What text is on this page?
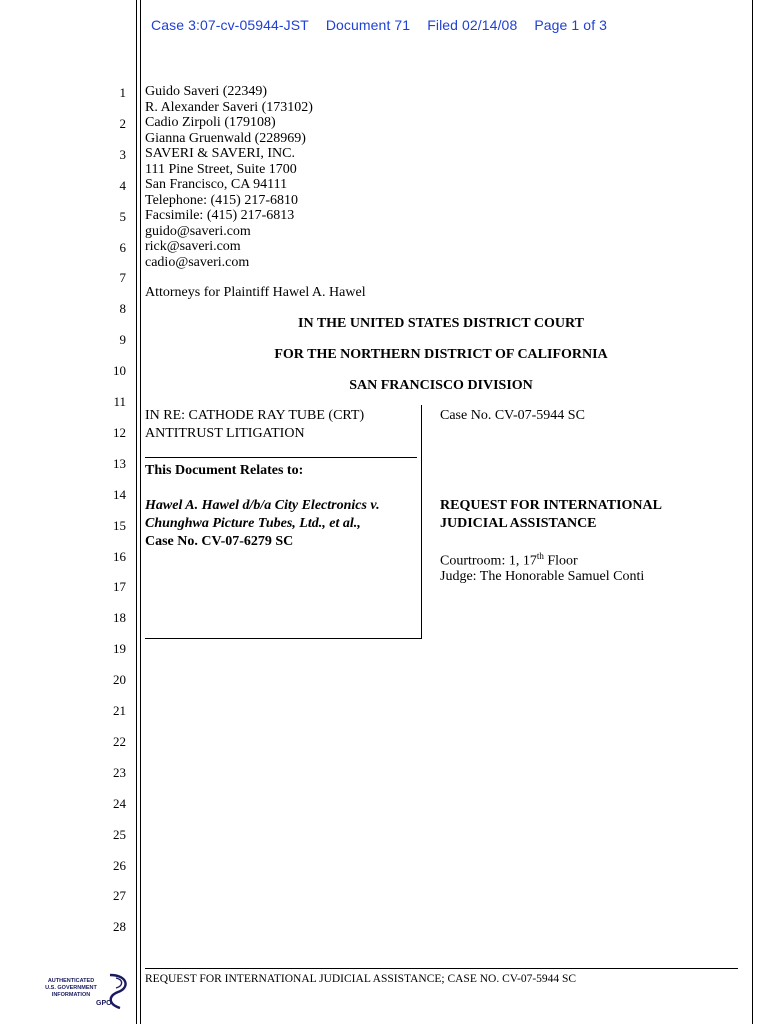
Case 3:07-cv-05944-JST Document 71 Filed 02/14/08 Page 1 of 3
1
2
3
4
5
6
7
8
9
10
11
12
13
14
15
16
17
18
19
20
21
22
23
24
25
26
27
28
Guido Saveri (22349)
R. Alexander Saveri (173102)
Cadio Zirpoli (179108)
Gianna Gruenwald (228969)
SAVERI & SAVERI, INC.
111 Pine Street, Suite 1700
San Francisco, CA 94111
Telephone: (415) 217-6810
Facsimile: (415) 217-6813
guido@saveri.com
rick@saveri.com
cadio@saveri.com
Attorneys for Plaintiff Hawel A. Hawel
IN THE UNITED STATES DISTRICT COURT
FOR THE NORTHERN DISTRICT OF CALIFORNIA
SAN FRANCISCO DIVISION
IN RE: CATHODE RAY TUBE (CRT)
ANTITRUST LITIGATION
This Document Relates to:
Hawel A. Hawel d/b/a City Electronics v.
Chunghwa Picture Tubes, Ltd., et al.,
Case No. CV-07-6279 SC
Case No. CV-07-5944 SC
REQUEST FOR INTERNATIONAL
JUDICIAL ASSISTANCE
Courtroom: 1, 17th Floor
Judge: The Honorable Samuel Conti
REQUEST FOR INTERNATIONAL JUDICIAL ASSISTANCE; CASE NO. CV-07-5944 SC
AUTHENTICATED
U.S. GOVERNMENT
INFORMATION
GPO
